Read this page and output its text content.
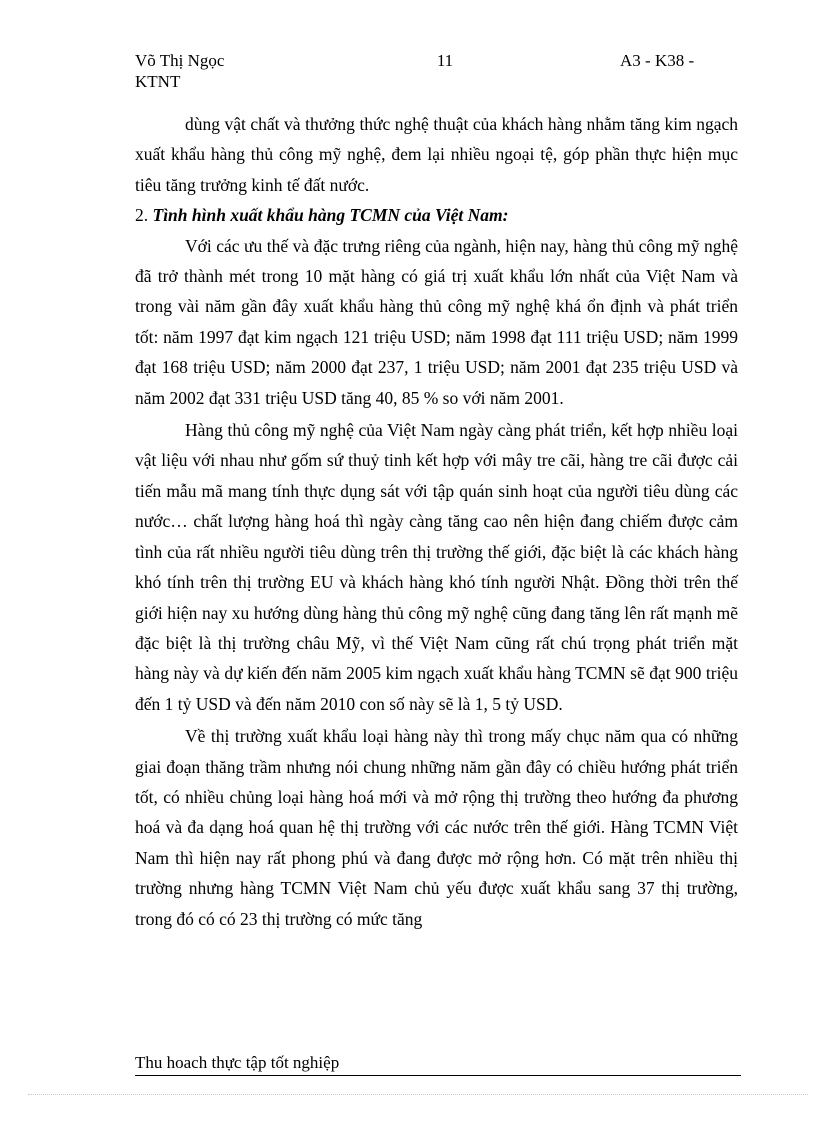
Võ Thị Ngọc KTNT
11	A3 - K38 -

dùng vật chất và thưởng thức nghệ thuật của khách hàng nhằm tăng kim ngạch xuất khẩu hàng thủ công mỹ nghệ, đem lại nhiều ngoại tệ, góp phần thực hiện mục tiêu tăng trưởng kinh tế đất nước.

2. Tình hình xuất khẩu hàng TCMN của Việt Nam:

Với các ưu thế và đặc trưng riêng của ngành, hiện nay, hàng thủ công mỹ nghệ đã trở thành mét trong 10 mặt hàng có giá trị xuất khẩu lớn nhất của Việt Nam và trong vài năm gần đây xuất khẩu hàng thủ công mỹ nghệ khá ổn định và phát triển tốt: năm 1997 đạt kim ngạch 121 triệu USD; năm 1998 đạt 111 triệu USD; năm 1999 đạt 168 triệu USD; năm 2000 đạt 237, 1 triệu USD; năm 2001 đạt 235 triệu USD và năm 2002 đạt 331 triệu USD tăng 40, 85 % so với năm 2001.

Hàng thủ công mỹ nghệ của Việt Nam ngày càng phát triển, kết hợp nhiều loại vật liệu với nhau như gốm sứ thuỷ tinh kết hợp với mây tre cãi, hàng tre cãi được cải tiến mẫu mã mang tính thực dụng sát với tập quán sinh hoạt của người tiêu dùng các nước… chất lượng hàng hoá thì ngày càng tăng cao nên hiện đang chiếm được cảm tình của rất nhiều người tiêu dùng trên thị trường thế giới, đặc biệt là các khách hàng khó tính trên thị trường EU và khách hàng khó tính người Nhật. Đồng thời trên thế giới hiện nay xu hướng dùng hàng thủ công mỹ nghệ cũng đang tăng lên rất mạnh mẽ đặc biệt là thị trường châu Mỹ, vì thế Việt Nam cũng rất chú trọng phát triển mặt hàng này và dự kiến đến năm 2005 kim ngạch xuất khẩu hàng TCMN sẽ đạt 900 triệu đến 1 tỷ USD và đến năm 2010 con số này sẽ là 1, 5 tỷ USD.

Về thị trường xuất khẩu loại hàng này thì trong mấy chục năm qua có những giai đoạn thăng trầm nhưng nói chung những năm gần đây có chiều hướng phát triển tốt, có nhiều chủng loại hàng hoá mới và mở rộng thị trường theo hướng đa phương hoá và đa dạng hoá quan hệ thị trường với các nước trên thế giới. Hàng TCMN Việt Nam thì hiện nay rất phong phú và đang được mở rộng hơn. Có mặt trên nhiều thị trường nhưng hàng TCMN Việt Nam chủ yếu được xuất khẩu sang 37 thị trường, trong đó có có 23 thị trường có mức tăng

Thu hoach thực tập tốt nghiệp
